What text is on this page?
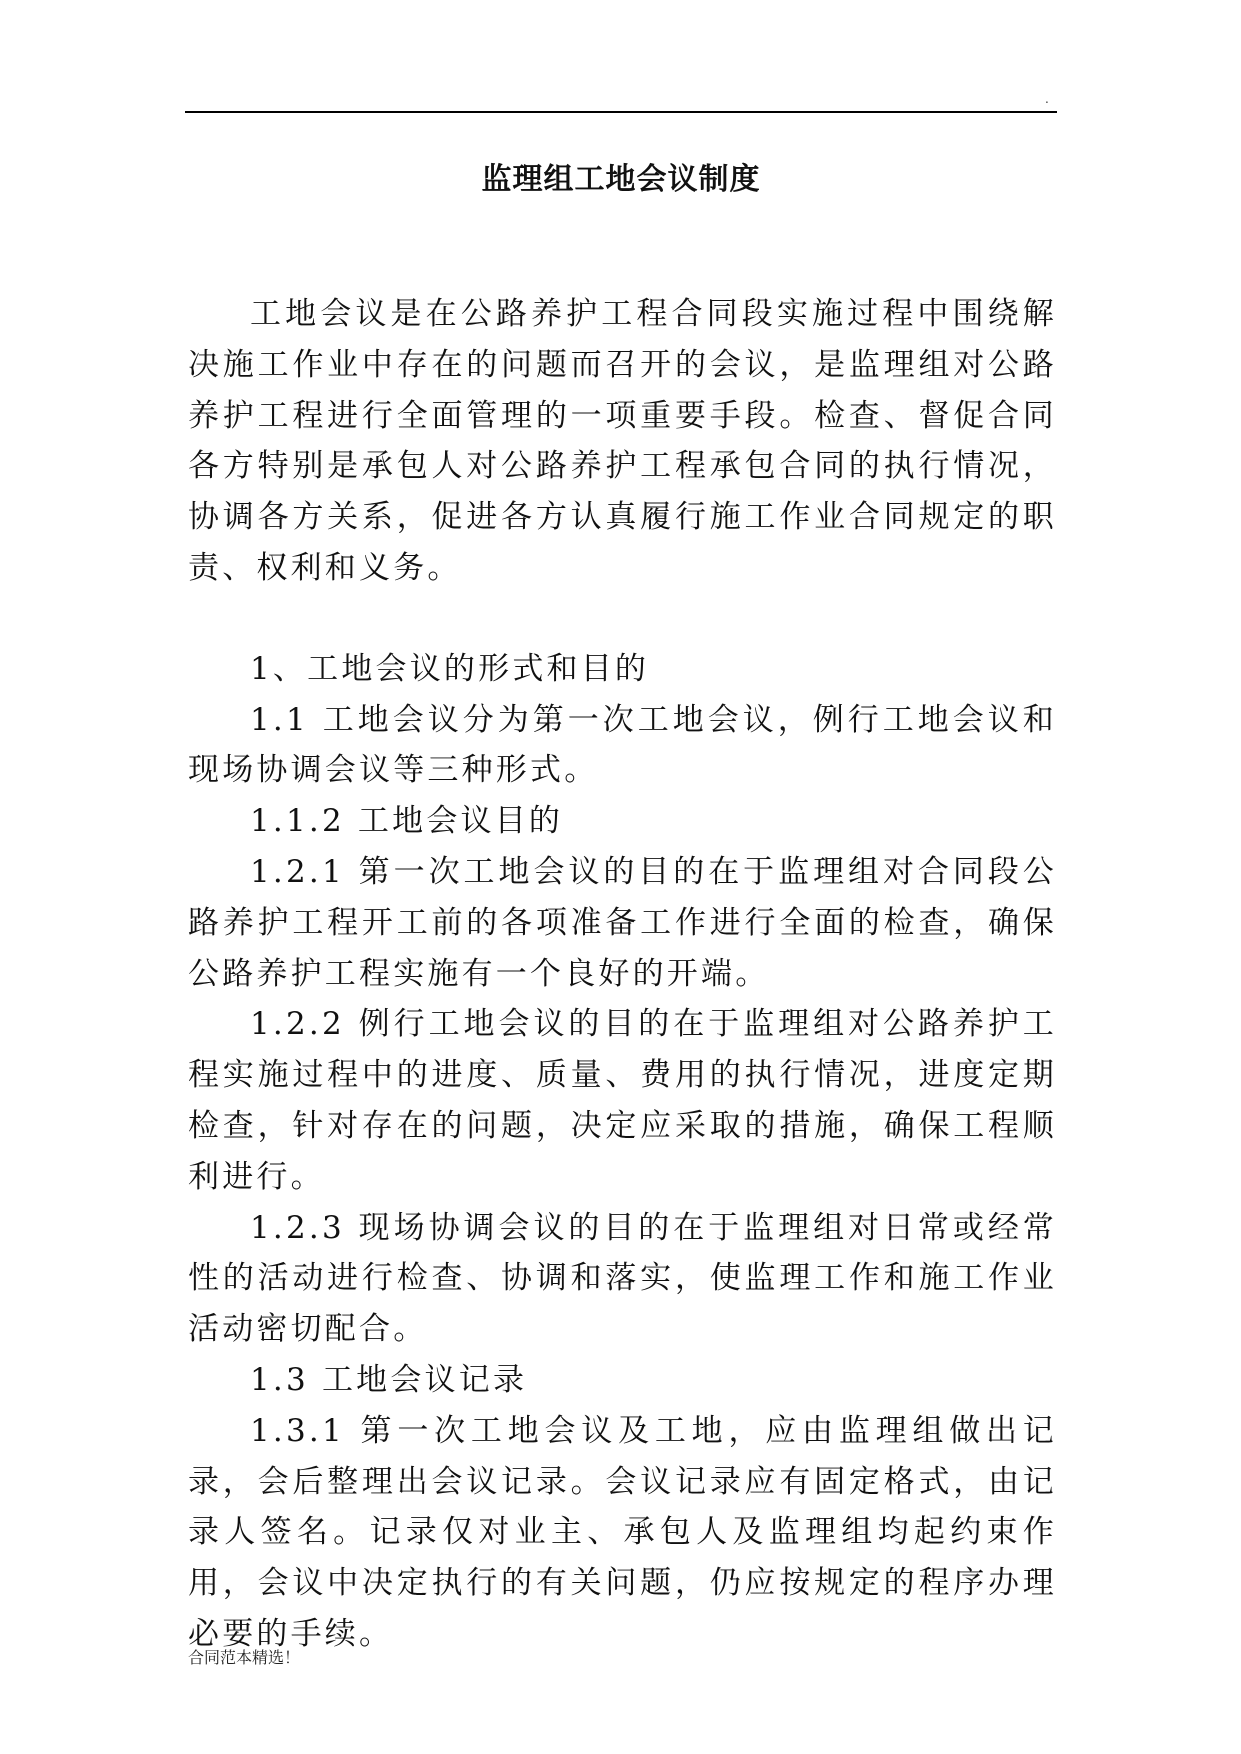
.
监理组工地会议制度

工地会议是在公路养护工程合同段实施过程中围绕解决施工作业中存在的问题而召开的会议，是监理组对公路养护工程进行全面管理的一项重要手段。检查、督促合同各方特别是承包人对公路养护工程承包合同的执行情况，协调各方关系，促进各方认真履行施工作业合同规定的职责、权利和义务。

1、工地会议的形式和目的

1.1 工地会议分为第一次工地会议，例行工地会议和现场协调会议等三种形式。

1.1.2 工地会议目的

1.2.1 第一次工地会议的目的在于监理组对合同段公路养护工程开工前的各项准备工作进行全面的检查，确保公路养护工程实施有一个良好的开端。

1.2.2 例行工地会议的目的在于监理组对公路养护工程实施过程中的进度、质量、费用的执行情况，进度定期检查，针对存在的问题，决定应采取的措施，确保工程顺利进行。

1.2.3 现场协调会议的目的在于监理组对日常或经常性的活动进行检查、协调和落实，使监理工作和施工作业活动密切配合。

1.3 工地会议记录

1.3.1 第一次工地会议及工地，应由监理组做出记录，会后整理出会议记录。会议记录应有固定格式，由记录人签名。记录仅对业主、承包人及监理组均起约束作用，会议中决定执行的有关问题，仍应按规定的程序办理必要的手续。

合同范本精选！
